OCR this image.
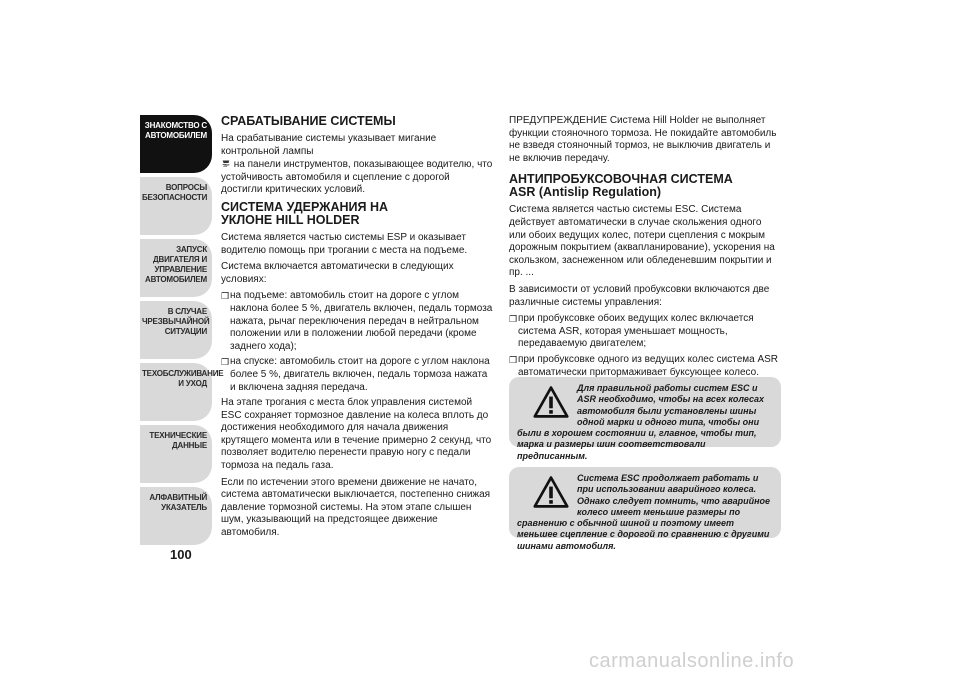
ЗНАКОМСТВО С
АВТОМОБИЛЕМ
ВОПРОСЫ
БЕЗОПАСНОСТИ
ЗАПУСК ДВИГАТЕЛЯ И
УПРАВЛЕНИЕ
АВТОМОБИЛЕМ
В СЛУЧАЕ
ЧРЕЗВЫЧАЙНОЙ
СИТУАЦИИ
ТЕХОБСЛУЖИВАНИЕ
И УХОД
ТЕХНИЧЕСКИЕ
ДАННЫЕ
АЛФАВИТНЫЙ
УКАЗАТЕЛЬ
100
СРАБАТЫВАНИЕ СИСТЕМЫ

На срабатывание системы указывает мигание контрольной лампы
на панели инструментов, показывающее водителю, что устойчивость автомобиля и сцепление с дорогой достигли критических условий.

СИСТЕМА УДЕРЖАНИЯ НА УКЛОНЕ HILL HOLDER

Система является частью системы ESP и оказывает водителю помощь при трогании с места на подъеме.

Система включается автоматически в следующих условиях:

❒ на подъеме: автомобиль стоит на дороге с углом наклона более 5 %, двигатель включен, педаль тормоза нажата, рычаг переключения передач в нейтральном положении или в положении любой передачи (кроме заднего хода);
❒ на спуске: автомобиль стоит на дороге с углом наклона более 5 %, двигатель включен, педаль тормоза нажата и включена задняя передача.

На этапе трогания с места блок управления системой ESC сохраняет тормозное давление на колеса вплоть до достижения необходимого для начала движения крутящего момента или в течение примерно 2 секунд, что позволяет водителю перенести правую ногу с педали тормоза на педаль газа.

Если по истечении этого времени движение не начато, система автоматически выключается, постепенно снижая давление тормозной системы. На этом этапе слышен шум, указывающий на предстоящее движение автомобиля.

ПРЕДУПРЕЖДЕНИЕ Система Hill Holder не выполняет функции стояночного тормоза. Не покидайте автомобиль не взведя стояночный тормоз, не выключив двигатель и не включив передачу.

АНТИПРОБУКСОВОЧНАЯ СИСТЕМА ASR (Antislip Regulation)

Система является частью системы ESC. Система действует автоматически в случае скольжения одного или обоих ведущих колес, потери сцепления с мокрым дорожным покрытием (аквапланирование), ускорения на скользком, заснеженном или обледеневшим покрытии и пр. ...

В зависимости от условий пробуксовки включаются две различные системы управления:

❒ при пробуксовке обоих ведущих колес включается система ASR, которая уменьшает мощность, передаваемую двигателем;
❒ при пробуксовке одного из ведущих колес система ASR автоматически притормаживает буксующее колесо.
Для правильной работы систем ESC и ASR необходимо, чтобы на всех колесах автомобиля были установлены шины одной марки и одного типа, чтобы они были в хорошем состоянии и, главное, чтобы тип, марка и размеры шин соответствовали предписанным.
Система ESC продолжает работать и при использовании аварийного колеса. Однако следует помнить, что аварийное колесо имеет меньшие размеры по сравнению с обычной шиной и поэтому имеет меньшее сцепление с дорогой по сравнению с другими шинами автомобиля.
carmanualsonline.info
